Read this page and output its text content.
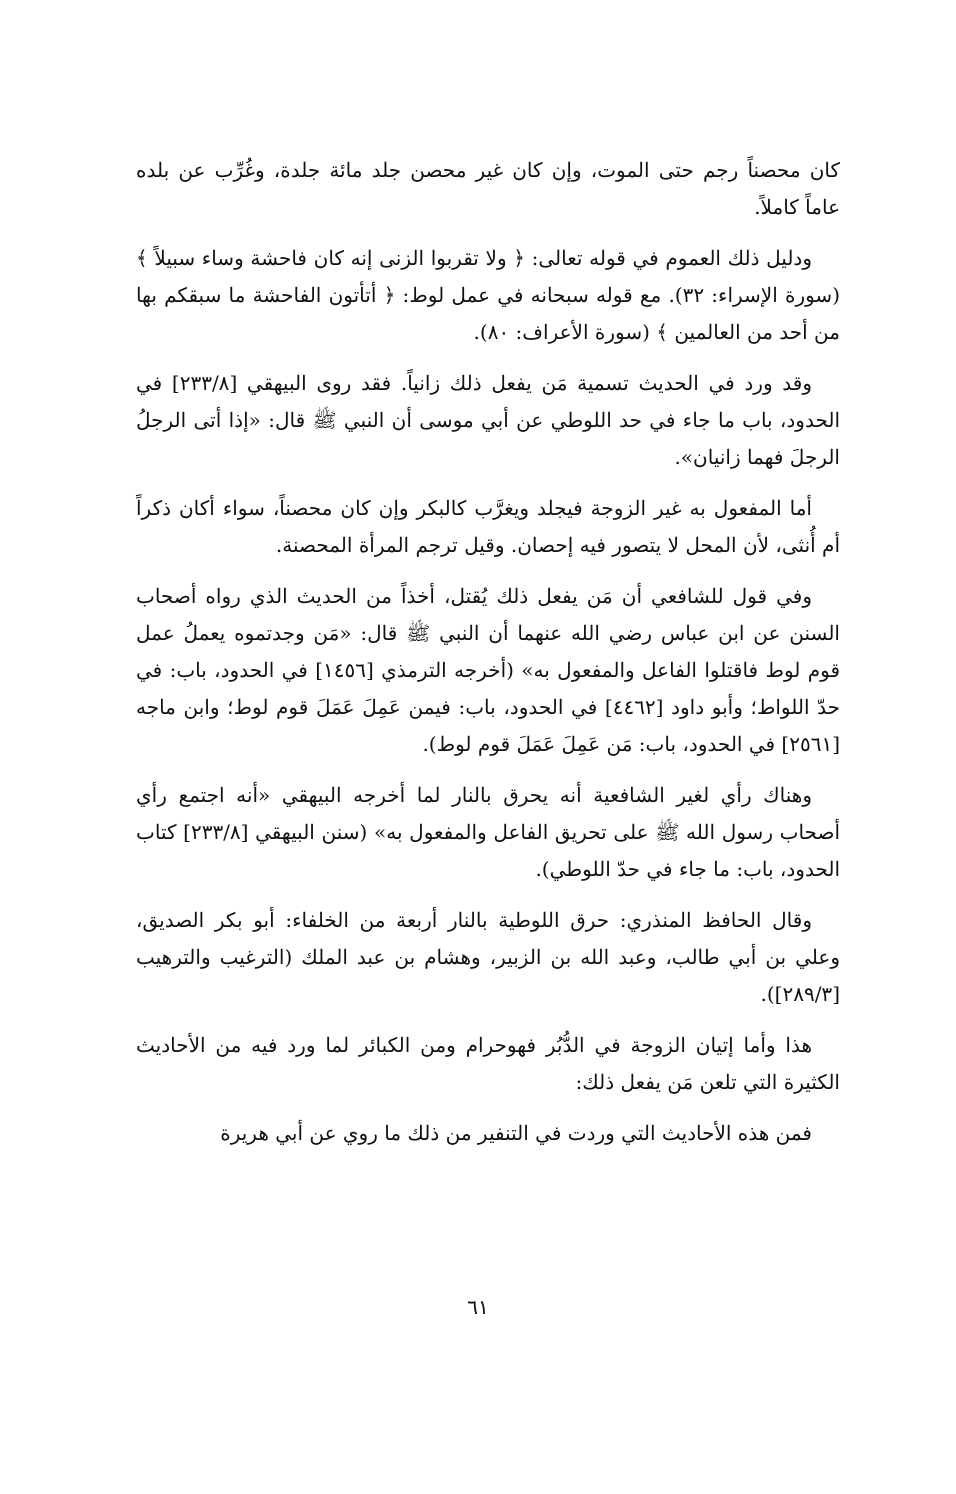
كان محصناً رجم حتى الموت، وإن كان غير محصن جلد مائة جلدة، وغُرِّب عن بلده عاماً كاملاً.

ودليل ذلك العموم في قوله تعالى: ﴿ ولا تقربوا الزنى إنه كان فاحشة وساء سبيلاً ﴾ (سورة الإسراء: ٣٢). مع قوله سبحانه في عمل لوط: ﴿ أتأتون الفاحشة ما سبقكم بها من أحد من العالمين ﴾ (سورة الأعراف: ٨٠).

وقد ورد في الحديث تسمية مَن يفعل ذلك زانياً. فقد روى البيهقي [٢٣٣/٨] في الحدود، باب ما جاء في حد اللوطي عن أبي موسى أن النبي ﷺ قال: «إذا أتى الرجلُ الرجلَ فهما زانيان».

أما المفعول به غير الزوجة فيجلد ويغرَّب كالبكر وإن كان محصناً، سواء أكان ذكراً أم أُنثى، لأن المحل لا يتصور فيه إحصان. وقيل ترجم المرأة المحصنة.

وفي قول للشافعي أن مَن يفعل ذلك يُقتل، أخذاً من الحديث الذي رواه أصحاب السنن عن ابن عباس رضي الله عنهما أن النبي ﷺ قال: «مَن وجدتموه يعملُ عمل قوم لوط فاقتلوا الفاعل والمفعول به» (أخرجه الترمذي [١٤٥٦] في الحدود، باب: في حدّ اللواط؛ وأبو داود [٤٤٦٢] في الحدود، باب: فيمن عَمِلَ عَمَلَ قوم لوط؛ وابن ماجه [٢٥٦١] في الحدود، باب: مَن عَمِلَ عَمَلَ قوم لوط).

وهناك رأي لغير الشافعية أنه يحرق بالنار لما أخرجه البيهقي «أنه اجتمع رأي أصحاب رسول الله ﷺ على تحريق الفاعل والمفعول به» (سنن البيهقي [٢٣٣/٨] كتاب الحدود، باب: ما جاء في حدّ اللوطي).

وقال الحافظ المنذري: حرق اللوطية بالنار أربعة من الخلفاء: أبو بكر الصديق، وعلي بن أبي طالب، وعبد الله بن الزبير، وهشام بن عبد الملك (الترغيب والترهيب [٢٨٩/٣]).

هذا وأما إتيان الزوجة في الدُّبُر فهوحرام ومن الكبائر لما ورد فيه من الأحاديث الكثيرة التي تلعن مَن يفعل ذلك:

فمن هذه الأحاديث التي وردت في التنفير من ذلك ما روي عن أبي هريرة

٦١
